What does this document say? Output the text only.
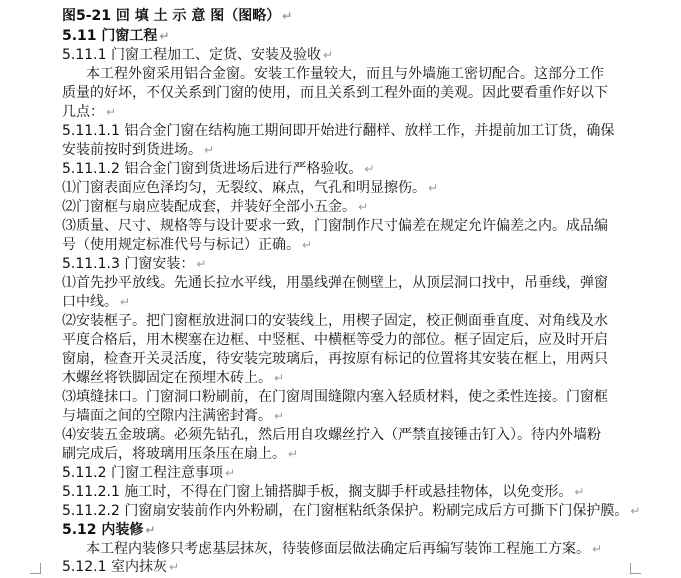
图5-21 回 填 土 示 意 图（图略） ↵
5.11 门窗工程 ↵
5.11.1 门窗工程加工、定货、安装及验收 ↵
本工程外窗采用铝合金窗。安装工作量较大，而且与外墙施工密切配合。这部分工作
质量的好坏，不仅关系到门窗的使用，而且关系到工程外面的美观。因此要看重作好以下
几点： ↵
5.11.1.1 铝合金门窗在结构施工期间即开始进行翻样、放样工作，并提前加工订货，确保
安装前按时到货进场。 ↵
5.11.1.2 铝合金门窗到货进场后进行严格验收。 ↵
⑴门窗表面应色泽均匀，无裂纹、麻点，气孔和明显擦伤。 ↵
⑵门窗框与扇应装配成套，并装好全部小五金。 ↵
⑶质量、尺寸、规格等与设计要求一致，门窗制作尺寸偏差在规定允许偏差之内。成品编
号（使用规定标准代号与标记）正确。 ↵
5.11.1.3 门窗安装： ↵
⑴首先抄平放线。先通长拉水平线，用墨线弹在侧壁上，从顶层洞口找中，吊垂线，弹窗
口中线。 ↵
⑵安装框子。把门窗框放进洞口的安装线上，用楔子固定，校正侧面垂直度、对角线及水
平度合格后，用木楔塞在边框、中竖框、中横框等受力的部位。框子固定后，应及时开启
窗扇，检查开关灵活度，待安装完玻璃后，再按原有标记的位置将其安装在框上，用两只
木螺丝将铁脚固定在预埋木砖上。 ↵
⑶填缝抹口。门窗洞口粉刷前，在门窗周围缝隙内塞入轻质材料，使之柔性连接。门窗框
与墙面之间的空隙内注满密封膏。 ↵
⑷安装五金玻璃。必须先钻孔，然后用自攻螺丝拧入（严禁直接锤击钉入）。待内外墙粉
刷完成后，将玻璃用压条压在扇上。 ↵
5.11.2 门窗工程注意事项 ↵
5.11.2.1 施工时，不得在门窗上铺搭脚手板，搁支脚手杆或悬挂物体，以免变形。 ↵
5.11.2.2 门窗扇安装前作内外粉刷，在门窗框粘纸条保护。粉刷完成后方可撕下门保护膜。 ↵
5.12 内装修 ↵
本工程内装修只考虑基层抹灰，待装修面层做法确定后再编写装饰工程施工方案。 ↵
5.12.1 室内抹灰 ↵
